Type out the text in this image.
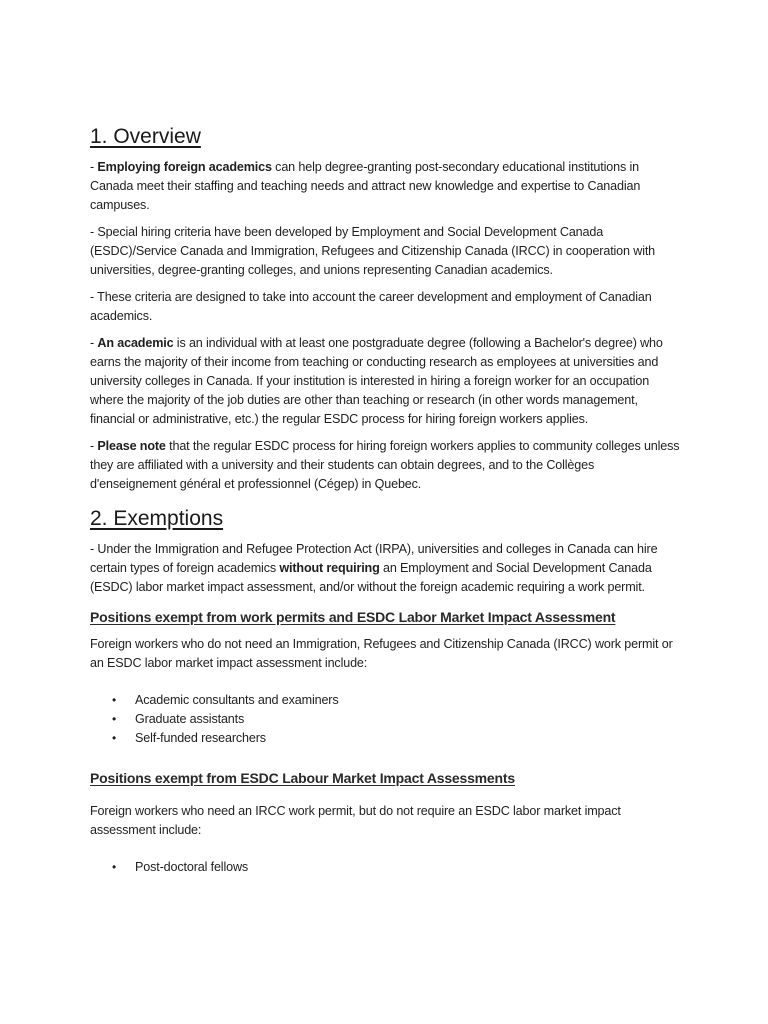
1. Overview

- Employing foreign academics can help degree-granting post-secondary educational institutions in Canada meet their staffing and teaching needs and attract new knowledge and expertise to Canadian campuses.

- Special hiring criteria have been developed by Employment and Social Development Canada (ESDC)/Service Canada and Immigration, Refugees and Citizenship Canada (IRCC) in cooperation with universities, degree-granting colleges, and unions representing Canadian academics.

- These criteria are designed to take into account the career development and employment of Canadian academics.

- An academic is an individual with at least one postgraduate degree (following a Bachelor's degree) who earns the majority of their income from teaching or conducting research as employees at universities and university colleges in Canada. If your institution is interested in hiring a foreign worker for an occupation where the majority of the job duties are other than teaching or research (in other words management, financial or administrative, etc.) the regular ESDC process for hiring foreign workers applies.

- Please note that the regular ESDC process for hiring foreign workers applies to community colleges unless they are affiliated with a university and their students can obtain degrees, and to the Collèges d'enseignement général et professionnel (Cégep) in Quebec.

2. Exemptions

- Under the Immigration and Refugee Protection Act (IRPA), universities and colleges in Canada can hire certain types of foreign academics without requiring an Employment and Social Development Canada (ESDC) labor market impact assessment, and/or without the foreign academic requiring a work permit.

Positions exempt from work permits and ESDC Labor Market Impact Assessment

Foreign workers who do not need an Immigration, Refugees and Citizenship Canada (IRCC) work permit or an ESDC labor market impact assessment include:

• Academic consultants and examiners
• Graduate assistants
• Self-funded researchers
Positions exempt from ESDC Labour Market Impact Assessments

Foreign workers who need an IRCC work permit, but do not require an ESDC labor market impact assessment include:

• Post-doctoral fellows
